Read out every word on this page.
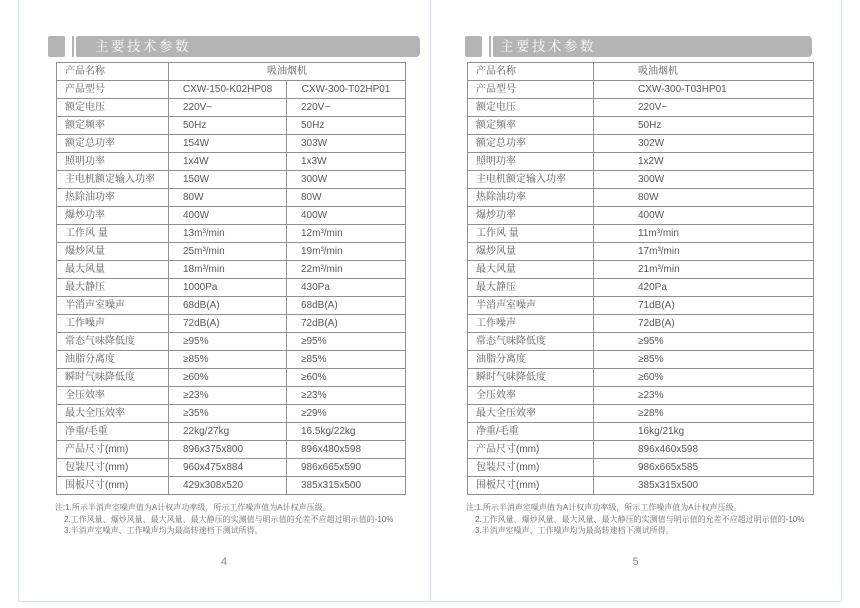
主要技术参数
产品名称	吸油烟机	
产品型号	CXW-150-K02HP08	CXW-300-T02HP01
额定电压	220V~	220V~
额定频率	50Hz	50Hz
额定总功率	154W	303W
照明功率	1x4W	1x3W
主电机额定输入功率	150W	300W
热除油功率	80W	80W
爆炒功率	400W	400W
工作风 量	13m³/min	12m³/min
爆炒风量	25m³/min	19m³/min
最大风量	18m³/min	22m³/min
最大静压	1000Pa	430Pa
半消声室噪声	68dB(A)	68dB(A)
工作噪声	72dB(A)	72dB(A)
常态气味降低度	≥95%	≥95%
油脂分离度	≥85%	≥85%
瞬时气味降低度	≥60%	≥60%
全压效率	≥23%	≥23%
最大全压效率	≥35%	≥29%
净重/毛重	22kg/27kg	16.5kg/22kg
产品尺寸(mm)	896x375x800	896x480x598
包装尺寸(mm)	960x475x884	986x665x590
围板尺寸(mm)	429x308x520	385x315x500
注:1.所示半消声室噪声值为A计权声功率级，所示工作噪声值为A计权声压级。
2.工作风量、爆炒风量、最大风量、最大静压的实测值与明示值的允差不应超过明示值的-10%
3.半消声室噪声、工作噪声均为最高转速档下测试所得。
4
主要技术参数
产品名称	吸油烟机
产品型号	CXW-300-T03HP01
额定电压	220V~
额定频率	50Hz
额定总功率	302W
照明功率	1x2W
主电机额定输入功率	300W
热除油功率	80W
爆炒功率	400W
工作风 量	11m³/min
爆炒风量	17m³/min
最大风量	21m³/min
最大静压	420Pa
半消声室噪声	71dB(A)
工作噪声	72dB(A)
常态气味降低度	≥95%
油脂分离度	≥85%
瞬时气味降低度	≥60%
全压效率	≥23%
最大全压效率	≥28%
净重/毛重	16kg/21kg
产品尺寸(mm)	896x460x598
包装尺寸(mm)	986x665x585
围板尺寸(mm)	385x315x500
注:1.所示半消声室噪声值为A计权声功率级，所示工作噪声值为A计权声压级。
2.工作风量、爆炒风量、最大风量、最大静压的实测值与明示值的允差不应超过明示值的-10%
3.半消声室噪声、工作噪声均为最高转速档下测试所得。
5
